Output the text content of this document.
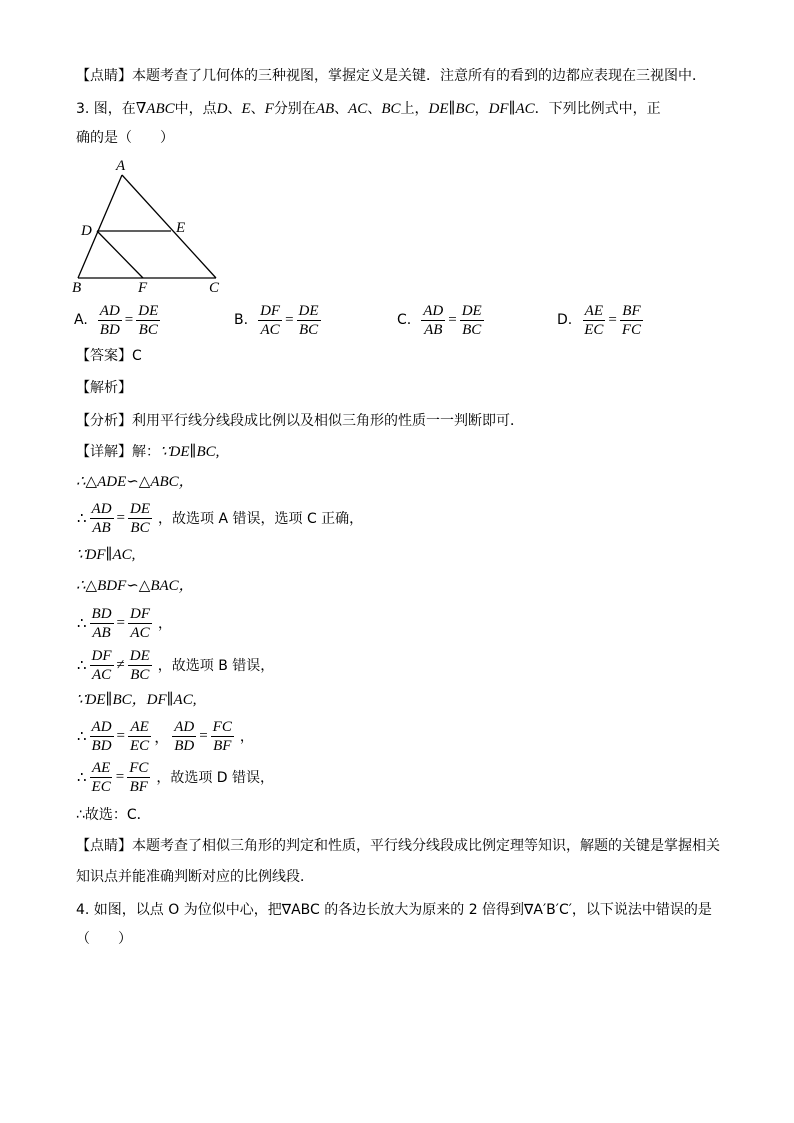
【点睛】本题考查了几何体的三种视图，掌握定义是关键．注意所有的看到的边都应表现在三视图中．
3. 图，在∇ABC中，点D、E、F分别在AB、AC、BC上，DE∥BC，DF∥AC．下列比例式中，正
确的是（　　）
A
D	E
B	F	C
A. $\frac{AD}{BD} = \frac{DE}{BC}$	B. $\frac{DF}{AC} = \frac{DE}{BC}$	C. $\frac{AD}{AB} = \frac{DE}{BC}$	D. $\frac{AE}{EC} = \frac{BF}{FC}$
【答案】C
【解析】
【分析】利用平行线分线段成比例以及相似三角形的性质一一判断即可．
【详解】解：∵DE∥BC,
∴△ADE∽△ABC，
∴ $\frac{AD}{AB} = \frac{DE}{BC}$ ，故选项 A 错误，选项 C 正确，
∵DF∥AC,
∴△BDF∽△BAC，
∴ $\frac{BD}{AB} = \frac{DF}{AC}$ ，
∴ $\frac{DF}{AC} \ne \frac{DE}{BC}$ ，故选项 B 错误，
∵DE∥BC，DF∥AC,
∴ $\frac{AD}{BD} = \frac{AE}{EC}$ ， $\frac{AD}{BD} = \frac{FC}{BF}$ ，
∴ $\frac{AE}{EC} = \frac{FC}{BF}$ ，故选项 D 错误，
∴故选：C．
【点睛】本题考查了相似三角形的判定和性质，平行线分线段成比例定理等知识，解题的关键是掌握相关
知识点并能准确判断对应的比例线段．
4. 如图，以点 O 为位似中心，把∇ABC 的各边长放大为原来的 2 倍得到∇A′B′C′，以下说法中错误的是
（　　）
